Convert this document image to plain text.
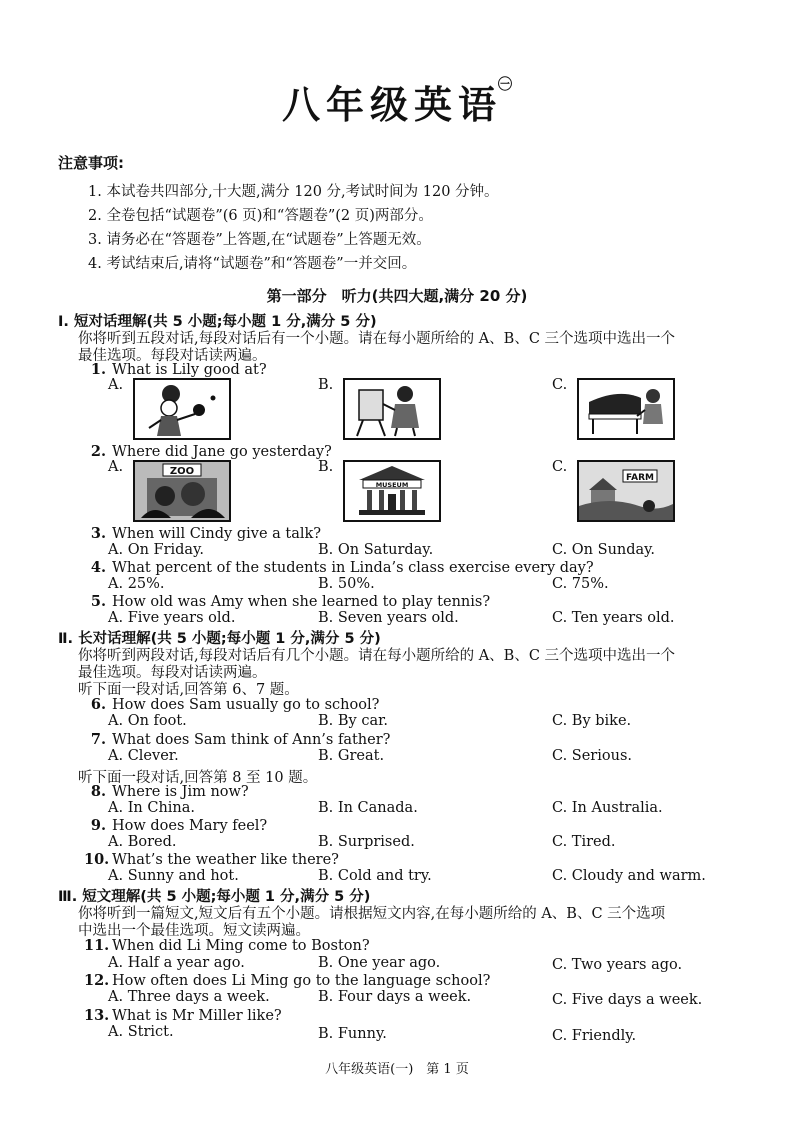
八年级英语$^㊀$
注意事项:
1. 本试卷共四部分,十大题,满分 120 分,考试时间为 120 分钟。
2. 全卷包括“试题卷”(6 页)和“答题卷”(2 页)两部分。
3. 请务必在“答题卷”上答题,在“试题卷”上答题无效。
4. 考试结束后,请将“试题卷”和“答题卷”一并交回。
第一部分　听力(共四大题,满分 20 分)
Ⅰ. 短对话理解(共 5 小题;每小题 1 分,满分 5 分)
你将听到五段对话,每段对话后有一个小题。请在每小题所给的 A、B、C 三个选项中选出一个
最佳选项。每段对话读两遍。
1. What is Lily good at?
A.	B.	C.
2. Where did Jane go yesterday?
A.	B.	C.
ZOO
MUSEUM
FARM
3. When will Cindy give a talk?
A. On Friday.	B. On Saturday.	C. On Sunday.
4. What percent of the students in Linda’s class exercise every day?
A. 25%.	B. 50%.	C. 75%.
5. How old was Amy when she learned to play tennis?
A. Five years old.	B. Seven years old.	C. Ten years old.
Ⅱ. 长对话理解(共 5 小题;每小题 1 分,满分 5 分)
你将听到两段对话,每段对话后有几个小题。请在每小题所给的 A、B、C 三个选项中选出一个
最佳选项。每段对话读两遍。
听下面一段对话,回答第 6、7 题。
6. How does Sam usually go to school?
A. On foot.	B. By car.	C. By bike.
7. What does Sam think of Ann’s father?
A. Clever.	B. Great.	C. Serious.
听下面一段对话,回答第 8 至 10 题。
8. Where is Jim now?
A. In China.	B. In Canada.	C. In Australia.
9. How does Mary feel?
A. Bored.	B. Surprised.	C. Tired.
10. What’s the weather like there?
A. Sunny and hot.	B. Cold and try.	C. Cloudy and warm.
Ⅲ. 短文理解(共 5 小题;每小题 1 分,满分 5 分)
你将听到一篇短文,短文后有五个小题。请根据短文内容,在每小题所给的 A、B、C 三个选项
中选出一个最佳选项。短文读两遍。
11. When did Li Ming come to Boston?
A. Half a year ago.	B. One year ago.	C. Two years ago.
12. How often does Li Ming go to the language school?
A. Three days a week.	B. Four days a week.	C. Five days a week.
13. What is Mr Miller like?
A. Strict.	B. Funny.	C. Friendly.
八年级英语(一)　第 1 页
